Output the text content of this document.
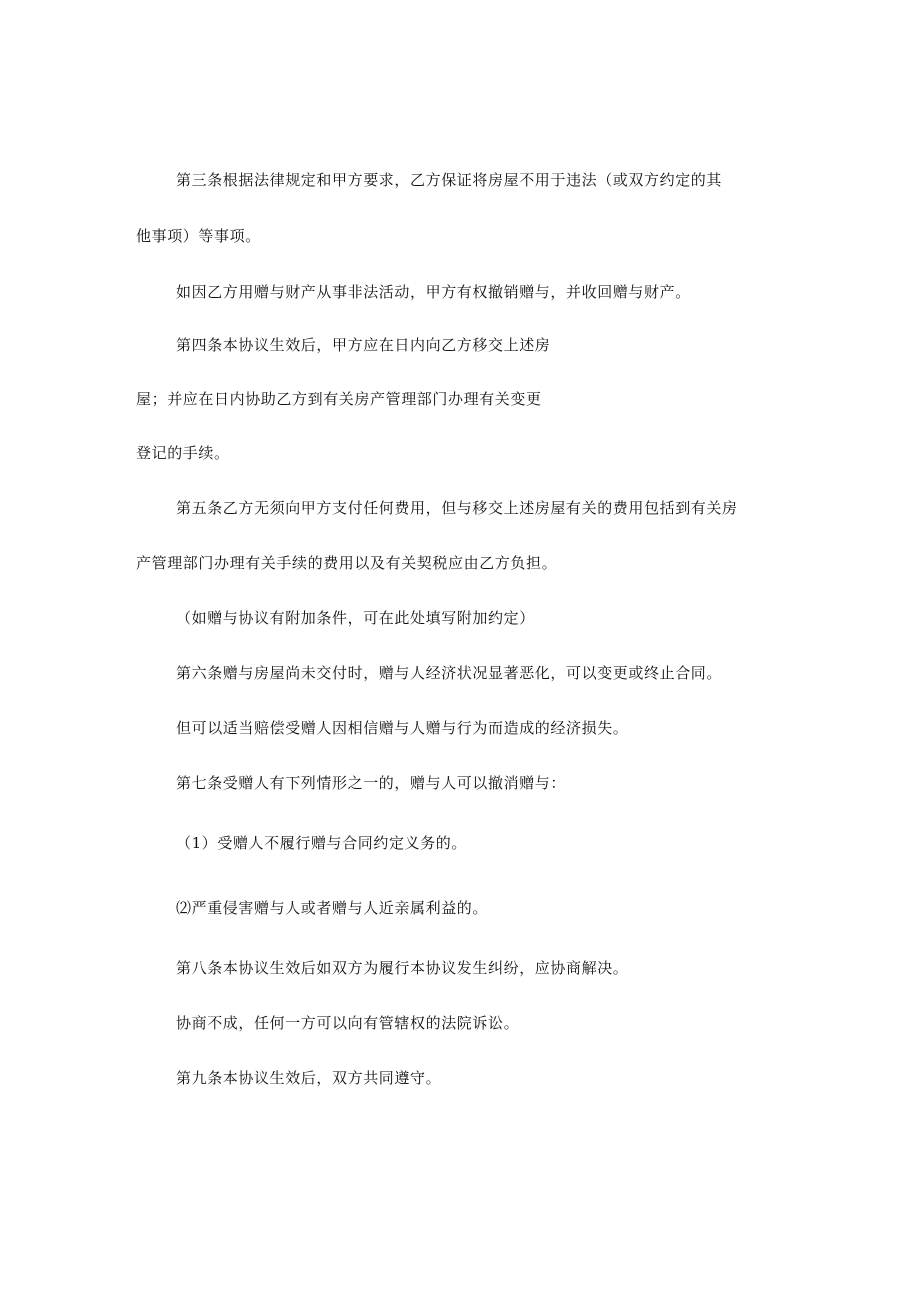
第三条根据法律规定和甲方要求，乙方保证将房屋不用于违法（或双方约定的其
他事项）等事项。
如因乙方用赠与财产从事非法活动，甲方有权撤销赠与，并收回赠与财产。
第四条本协议生效后，甲方应在日内向乙方移交上述房
屋；并应在日内协助乙方到有关房产管理部门办理有关变更
登记的手续。
第五条乙方无须向甲方支付任何费用，但与移交上述房屋有关的费用包括到有关房
产管理部门办理有关手续的费用以及有关契税应由乙方负担。
（如赠与协议有附加条件，可在此处填写附加约定）
第六条赠与房屋尚未交付时，赠与人经济状况显著恶化，可以变更或终止合同。
但可以适当赔偿受赠人因相信赠与人赠与行为而造成的经济损失。
第七条受赠人有下列情形之一的，赠与人可以撤消赠与：
（1）受赠人不履行赠与合同约定义务的。
⑵严重侵害赠与人或者赠与人近亲属利益的。
第八条本协议生效后如双方为履行本协议发生纠纷，应协商解决。
协商不成，任何一方可以向有管辖权的法院诉讼。
第九条本协议生效后，双方共同遵守。
